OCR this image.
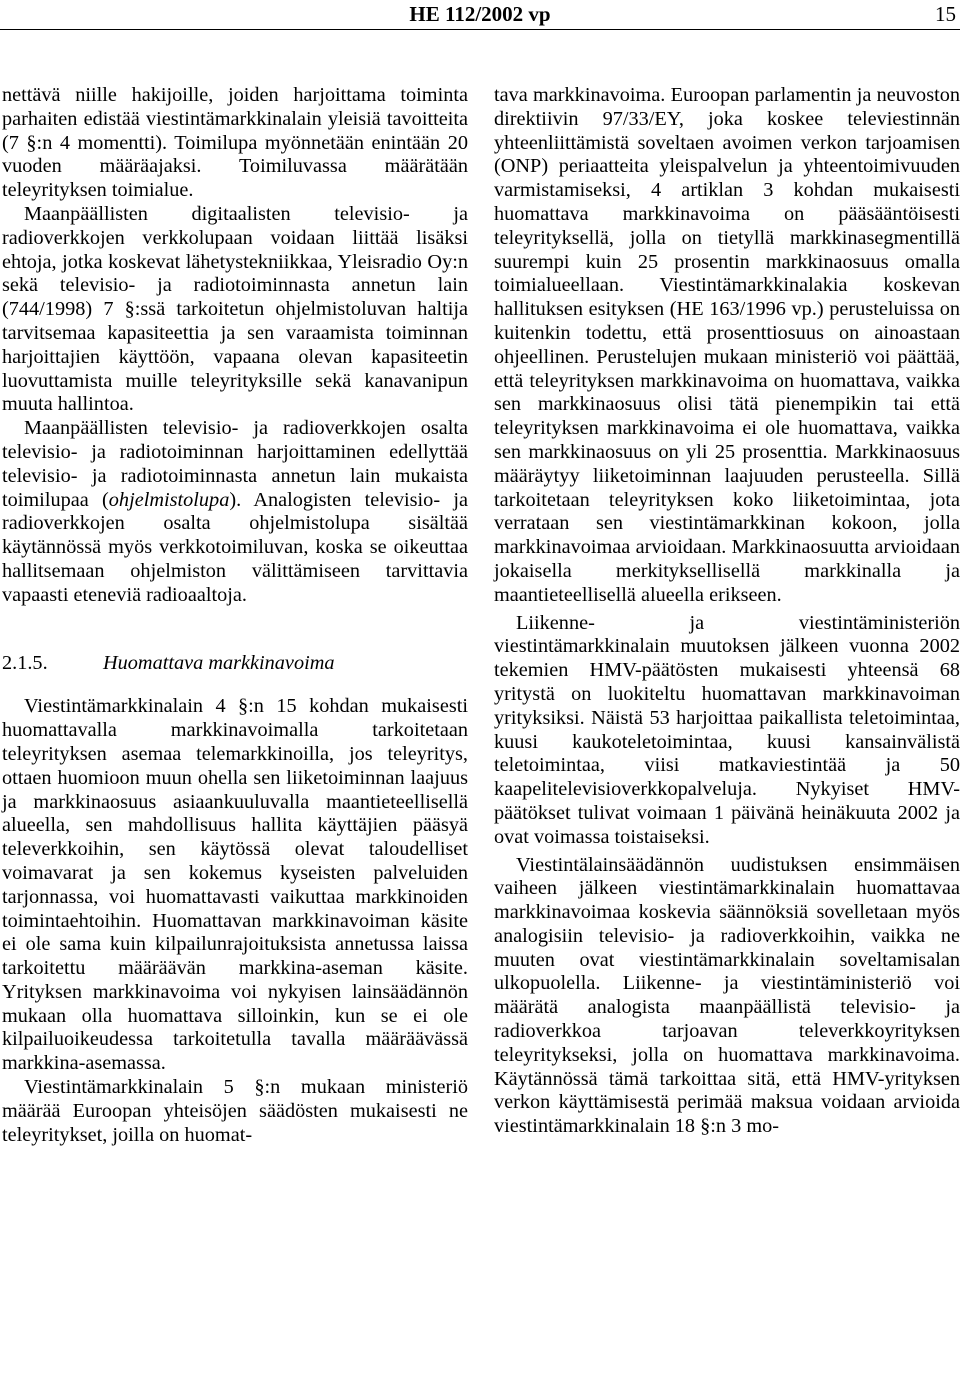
HE 112/2002 vp	15

nettävä niille hakijoille, joiden harjoittama toiminta parhaiten edistää viestintämarkkinalain yleisiä tavoitteita (7 §:n 4 momentti). Toimilupa myönnetään enintään 20 vuoden määräajaksi. Toimiluvassa määrätään teleyrityksen toimialue.

Maanpäällisten digitaalisten televisio- ja radioverkkojen verkkolupaan voidaan liittää lisäksi ehtoja, jotka koskevat lähetystekniikkaa, Yleisradio Oy:n sekä televisio- ja radiotoiminnasta annetun lain (744/1998) 7 §:ssä tarkoitetun ohjelmistoluvan haltija tarvitsemaa kapasiteettia ja sen varaamista toiminnan harjoittajien käyttöön, vapaana olevan kapasiteetin luovuttamista muille teleyrityksille sekä kanavanipun muuta hallintoa.

Maanpäällisten televisio- ja radioverkkojen osalta televisio- ja radiotoiminnan harjoittaminen edellyttää televisio- ja radiotoiminnasta annetun lain mukaista toimilupaa (ohjelmistolupa). Analogisten televisio- ja radioverkkojen osalta ohjelmistolupa sisältää käytännössä myös verkkotoimiluvan, koska se oikeuttaa hallitsemaan ohjelmiston välittämiseen tarvittavia vapaasti eteneviä radioaaltoja.

2.1.5.	Huomattava markkinavoima

Viestintämarkkinalain 4 §:n 15 kohdan mukaisesti huomattavalla markkinavoimalla tarkoitetaan teleyrityksen asemaa telemarkkinoilla, jos teleyritys, ottaen huomioon muun ohella sen liiketoiminnan laajuus ja markkinaosuus asiaankuuluvalla maantieteellisellä alueella, sen mahdollisuus hallita käyttäjien pääsyä televerkkoihin, sen käytössä olevat taloudelliset voimavarat ja sen kokemus kyseisten palveluiden tarjonnassa, voi huomattavasti vaikuttaa markkinoiden toimintaehtoihin. Huomattavan markkinavoiman käsite ei ole sama kuin kilpailunrajoituksista annetussa laissa tarkoitettu määräävän markkina-aseman käsite. Yrityksen markkinavoima voi nykyisen lainsäädännön mukaan olla huomattava silloinkin, kun se ei ole kilpailuoikeudessa tarkoitetulla tavalla määräävässä markkina-asemassa.

Viestintämarkkinalain 5 §:n mukaan ministeriö määrää Euroopan yhteisöjen säädösten mukaisesti ne teleyritykset, joilla on huomat-

tava markkinavoima. Euroopan parlamentin ja neuvoston direktiivin 97/33/EY, joka koskee televiestinnän yhteenliittämistä soveltaen avoimen verkon tarjoamisen (ONP) periaatteita yleispalvelun ja yhteentoimivuuden varmistamiseksi, 4 artiklan 3 kohdan mukaisesti huomattava markkinavoima on pääsääntöisesti teleyrityksellä, jolla on tietyllä markkinasegmentillä suurempi kuin 25 prosentin markkinaosuus omalla toimialueellaan. Viestintämarkkinalakia koskevan hallituksen esityksen (HE 163/1996 vp.) perusteluissa on kuitenkin todettu, että prosenttiosuus on ainoastaan ohjeellinen. Perustelujen mukaan ministeriö voi päättää, että teleyrityksen markkinavoima on huomattava, vaikka sen markkinaosuus olisi tätä pienempikin tai että teleyrityksen markkinavoima ei ole huomattava, vaikka sen markkinaosuus on yli 25 prosenttia. Markkinaosuus määräytyy liiketoiminnan laajuuden perusteella. Sillä tarkoitetaan teleyrityksen koko liiketoimintaa, jota verrataan sen viestintämarkkinan kokoon, jolla markkinavoimaa arvioidaan. Markkinaosuutta arvioidaan jokaisella merkityksellisellä markkinalla ja maantieteellisellä alueella erikseen.

Liikenne- ja viestintäministeriön viestintämarkkinalain muutoksen jälkeen vuonna 2002 tekemien HMV-päätösten mukaisesti yhteensä 68 yritystä on luokiteltu huomattavan markkinavoiman yrityksiksi. Näistä 53 harjoittaa paikallista teletoimintaa, kuusi kaukoteletoimintaa, kuusi kansainvälistä teletoimintaa, viisi matkaviestintää ja 50 kaapelitelevisioverkkopalveluja. Nykyiset HMV-päätökset tulivat voimaan 1 päivänä heinäkuuta 2002 ja ovat voimassa toistaiseksi.

Viestintälainsäädännön uudistuksen ensimmäisen vaiheen jälkeen viestintämarkkinalain huomattavaa markkinavoimaa koskevia säännöksiä sovelletaan myös analogisiin televisio- ja radioverkkoihin, vaikka ne muuten ovat viestintämarkkinalain soveltamisalan ulkopuolella. Liikenne- ja viestintäministeriö voi määrätä analogista maanpäällistä televisio- ja radioverkkoa tarjoavan televerkkoyrityksen teleyritykseksi, jolla on huomattava markkinavoima. Käytännössä tämä tarkoittaa sitä, että HMV-yrityksen verkon käyttämisestä perimää maksua voidaan arvioida viestintämarkkinalain 18 §:n 3 mo-
